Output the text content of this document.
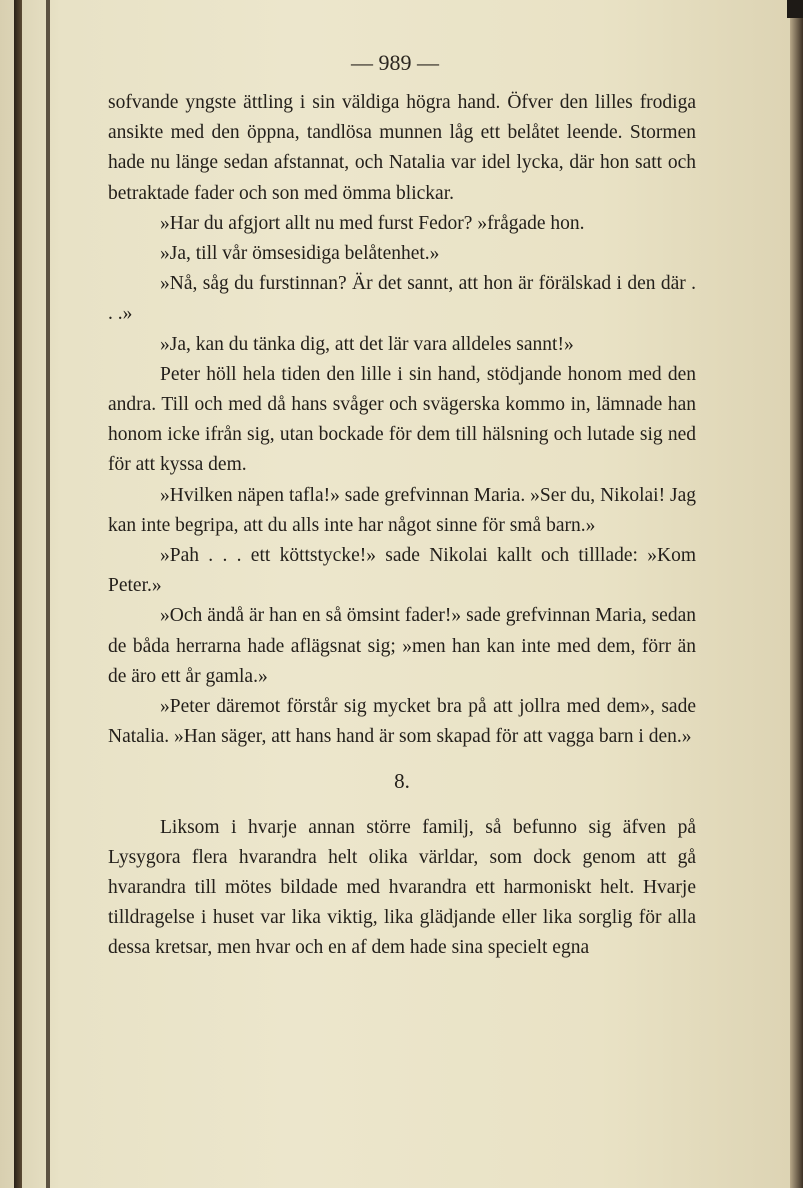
— 989 —

sofvande yngste ättling i sin väldiga högra hand. Öfver den lilles frodiga ansikte med den öppna, tandlösa munnen låg ett belåtet leende. Stormen hade nu länge sedan afstannat, och Natalia var idel lycka, där hon satt och betraktade fader och son med ömma blickar.

»Har du afgjort allt nu med furst Fedor? »frågade hon.

»Ja, till vår ömsesidiga belåtenhet.»

»Nå, såg du furstinnan? Är det sannt, att hon är förälskad i den där . . .»

»Ja, kan du tänka dig, att det lär vara alldeles sannt!»

Peter höll hela tiden den lille i sin hand, stödjande honom med den andra. Till och med då hans svåger och svägerska kommo in, lämnade han honom icke ifrån sig, utan bockade för dem till hälsning och lutade sig ned för att kyssa dem.

»Hvilken näpen tafla!» sade grefvinnan Maria. »Ser du, Nikolai! Jag kan inte begripa, att du alls inte har något sinne för små barn.»

»Pah . . . ett köttstycke!» sade Nikolai kallt och tilllade: »Kom Peter.»

»Och ändå är han en så ömsint fader!» sade grefvinnan Maria, sedan de båda herrarna hade aflägsnat sig; »men han kan inte med dem, förr än de äro ett år gamla.»

»Peter däremot förstår sig mycket bra på att jollra med dem», sade Natalia. »Han säger, att hans hand är som skapad för att vagga barn i den.»

8.

Liksom i hvarje annan större familj, så befunno sig äfven på Lysygora flera hvarandra helt olika världar, som dock genom att gå hvarandra till mötes bildade med hvarandra ett harmoniskt helt. Hvarje tilldragelse i huset var lika viktig, lika glädjande eller lika sorglig för alla dessa kretsar, men hvar och en af dem hade sina specielt egna
